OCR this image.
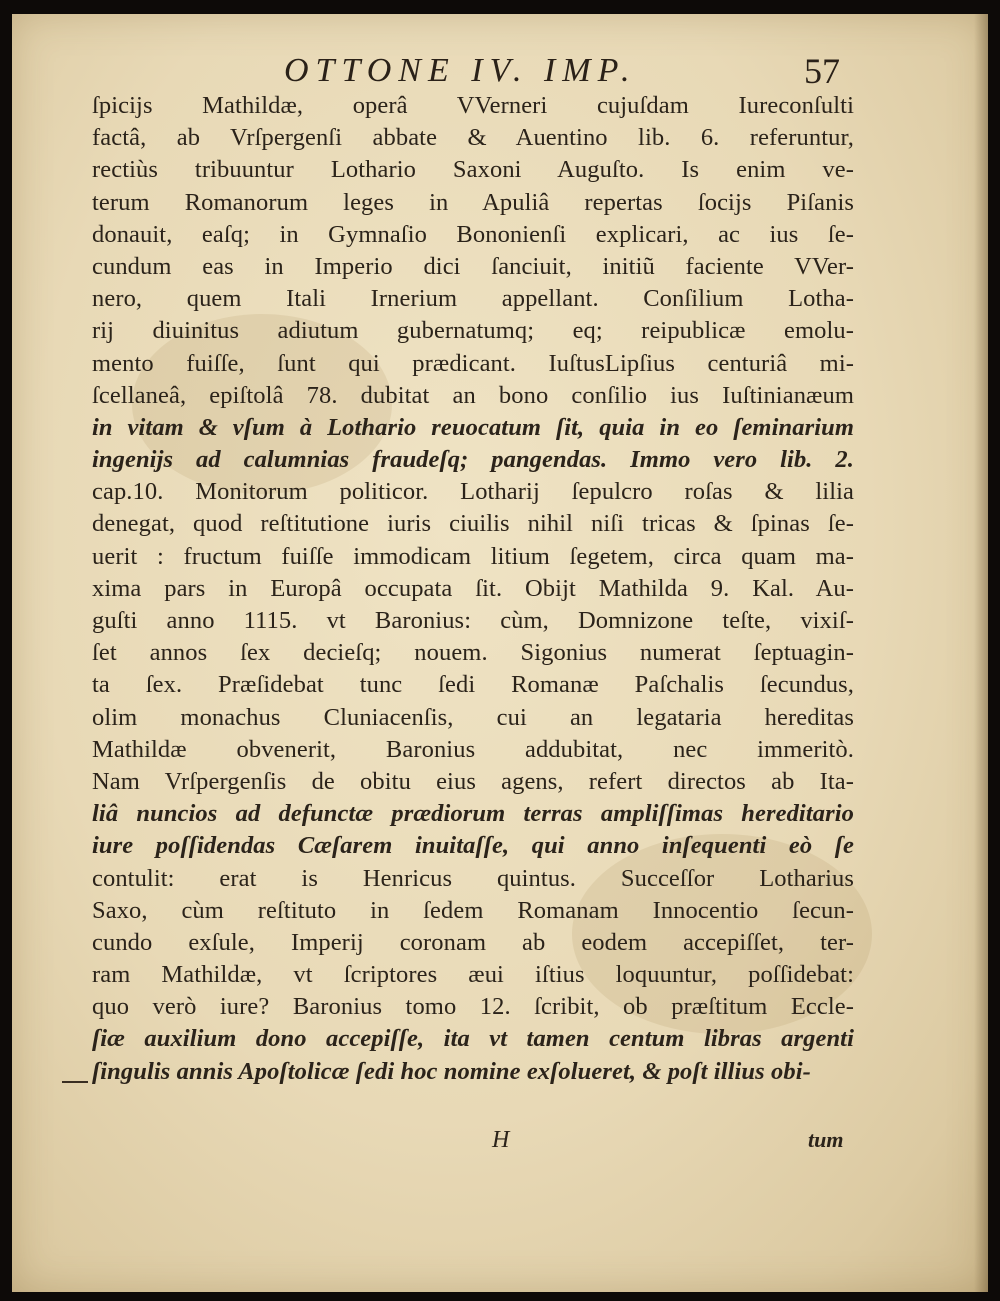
OTTONE IV. IMP.	57
ſpicijs Mathildæ, operâ VVerneri cujuſdam Iureconſulti
factâ, ab Vrſpergenſi abbate & Auentino lib. 6. referuntur,
rectiùs tribuuntur Lothario Saxoni Auguſto. Is enim ve-
terum Romanorum leges in Apuliâ repertas ſocijs Piſanis
donauit, eaſq; in Gymnaſio Bononienſi explicari, ac ius ſe-
cundum eas in Imperio dici ſanciuit, initiũ faciente VVer-
nero, quem Itali Irnerium appellant. Conſilium Lotha-
rij diuinitus adiutum gubernatumq; eq; reipublicæ emolu-
mento fuiſſe, ſunt qui prædicant. IuſtusLipſius centuriâ mi-
ſcellaneâ, epiſtolâ 78. dubitat an bono conſilio ius Iuſtinianæum
in vitam & vſum à Lothario reuocatum ſit, quia in eo ſeminarium
ingenijs ad calumnias fraudeſq; pangendas. Immo vero lib. 2.
cap.10. Monitorum politicor. Lotharij ſepulcro roſas & lilia
denegat, quod reſtitutione iuris ciuilis nihil niſi tricas & ſpinas ſe-
uerit : fructum fuiſſe immodicam litium ſegetem, circa quam ma-
xima pars in Europâ occupata ſit. Obijt Mathilda 9. Kal. Au-
guſti anno 1115. vt Baronius: cùm, Domnizone teſte, vixiſ-
ſet annos ſex decieſq; nouem. Sigonius numerat ſeptuagin-
ta ſex. Præſidebat tunc ſedi Romanæ Paſchalis ſecundus,
olim monachus Cluniacenſis, cui an legataria hereditas
Mathildæ obvenerit, Baronius addubitat, nec immeritò.
Nam Vrſpergenſis de obitu eius agens, refert directos ab Ita-
liâ nuncios ad defunctæ prædiorum terras ampliſſimas hereditario
iure poſſidendas Cæſarem inuitaſſe, qui anno inſequenti eò ſe
contulit: erat is Henricus quintus. Succeſſor Lotharius
Saxo, cùm reſtituto in ſedem Romanam Innocentio ſecun-
cundo exſule, Imperij coronam ab eodem accepiſſet, ter-
ram Mathildæ, vt ſcriptores æui iſtius loquuntur, poſſidebat:
quo verò iure? Baronius tomo 12. ſcribit, ob præſtitum Eccle-
ſiæ auxilium dono accepiſſe, ita vt tamen centum libras argenti
ſingulis annis Apoſtolicæ ſedi hoc nomine exſolueret, & poſt illius obi-
H	tum
